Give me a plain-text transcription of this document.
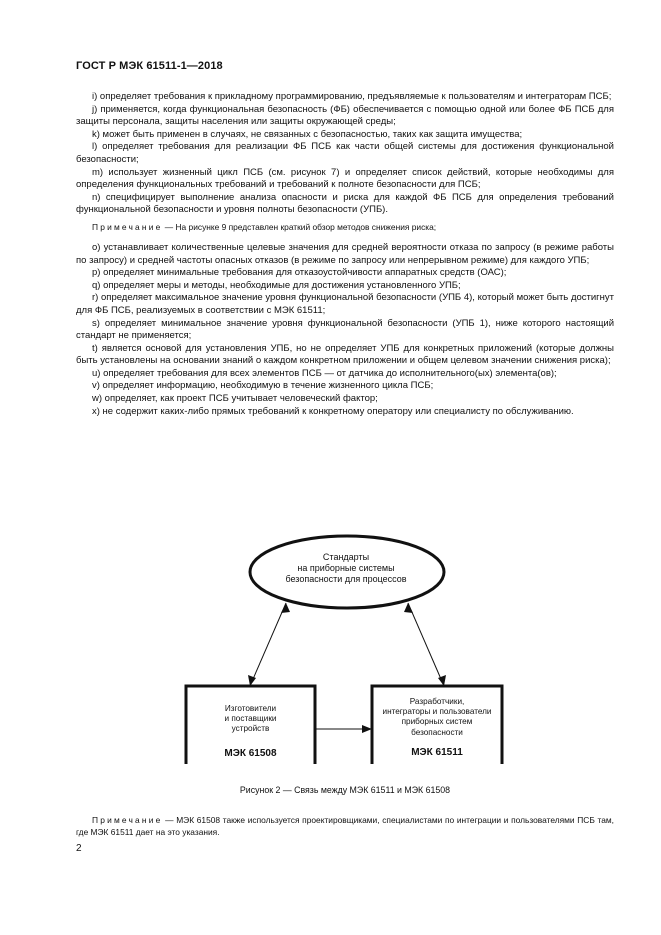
ГОСТ Р МЭК 61511-1—2018

i) определяет требования к прикладному программированию, предъявляемые к пользователям и интеграторам ПСБ;

j) применяется, когда функциональная безопасность (ФБ) обеспечивается с помощью одной или более ФБ ПСБ для защиты персонала, защиты населения или защиты окружающей среды;

k) может быть применен в случаях, не связанных с безопасностью, таких как защита имущества;

l) определяет требования для реализации ФБ ПСБ как части общей системы для достижения функциональной безопасности;

m) использует жизненный цикл ПСБ (см. рисунок 7) и определяет список действий, которые необходимы для определения функциональных требований и требований к полноте безопасности для ПСБ;

n) специфицирует выполнение анализа опасности и риска для каждой ФБ ПСБ для определения требований функциональной безопасности и уровня полноты безопасности (УПБ).

Примечание — На рисунке 9 представлен краткий обзор методов снижения риска;

o) устанавливает количественные целевые значения для средней вероятности отказа по запросу (в режиме работы по запросу) и средней частоты опасных отказов (в режиме по запросу или непрерывном режиме) для каждого УПБ;

p) определяет минимальные требования для отказоустойчивости аппаратных средств (ОАС);

q) определяет меры и методы, необходимые для достижения установленного УПБ;

r) определяет максимальное значение уровня функциональной безопасности (УПБ 4), который может быть достигнут для ФБ ПСБ, реализуемых в соответствии с МЭК 61511;

s) определяет минимальное значение уровня функциональной безопасности (УПБ 1), ниже которого настоящий стандарт не применяется;

t) является основой для установления УПБ, но не определяет УПБ для конкретных приложений (которые должны быть установлены на основании знаний о каждом конкретном приложении и общем целевом значении снижения риска);

u) определяет требования для всех элементов ПСБ — от датчика до исполнительного(ых) элемента(ов);

v) определяет информацию, необходимую в течение жизненного цикла ПСБ;

w) определяет, как проект ПСБ учитывает человеческий фактор;

x) не содержит каких-либо прямых требований к конкретному оператору или специалисту по обслуживанию.

Стандарты
на приборные системы
безопасности для процессов
Изготовители
и поставщики
устройств
МЭК 61508
Разработчики,
интеграторы и пользователи
приборных систем
безопасности
МЭК 61511
Рисунок 2 — Связь между МЭК 61511 и МЭК 61508

Примечание — МЭК 61508 также используется проектировщиками, специалистами по интеграции и пользователями ПСБ там, где МЭК 61511 дает на это указания.

2
